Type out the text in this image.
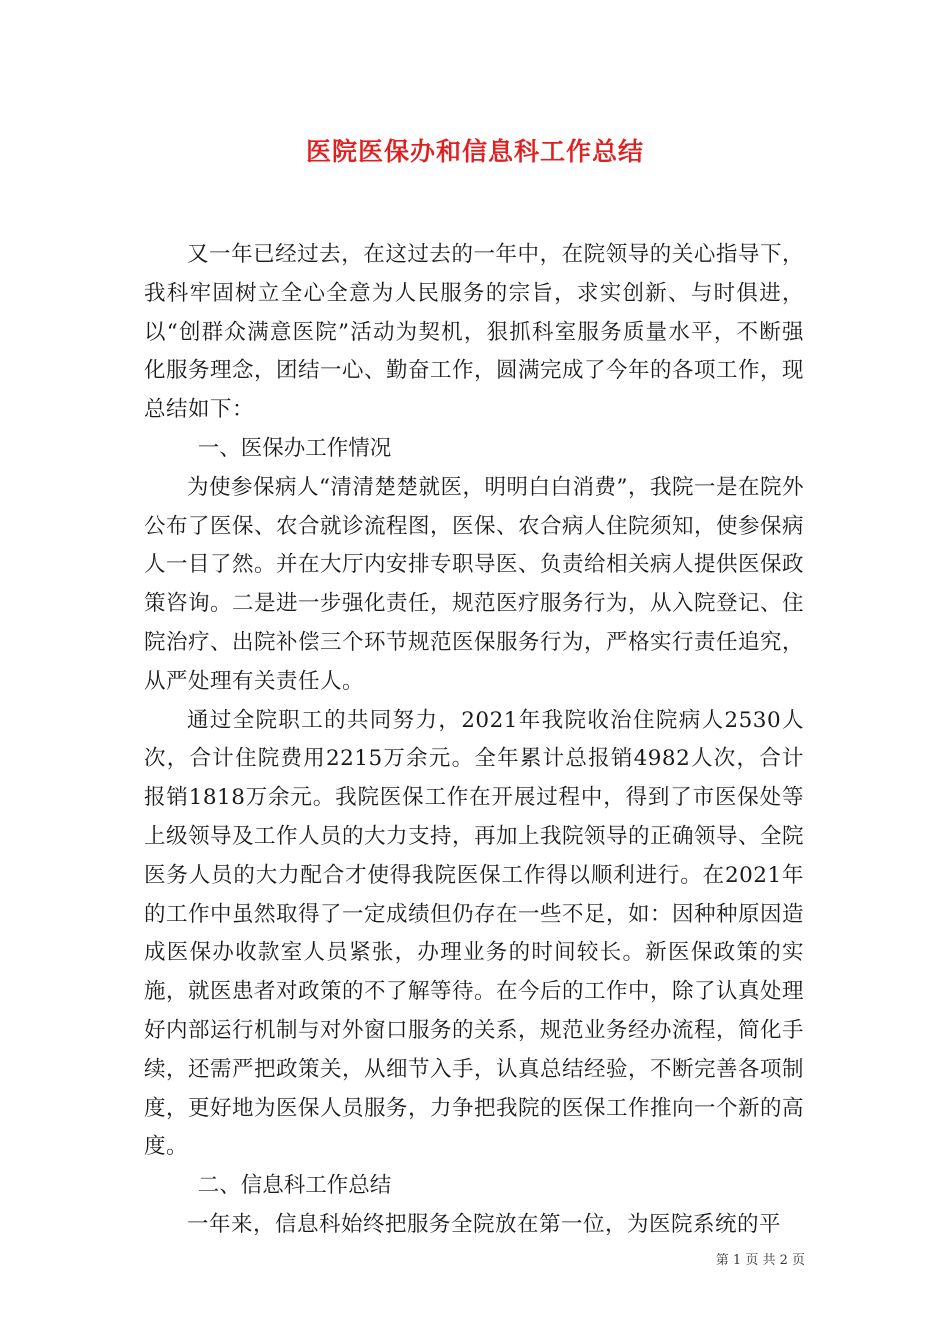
医院医保办和信息科工作总结

又一年已经过去，在这过去的一年中，在院领导的关心指导下，我科牢固树立全心全意为人民服务的宗旨，求实创新、与时俱进，以“创群众满意医院”活动为契机，狠抓科室服务质量水平，不断强化服务理念，团结一心、勤奋工作，圆满完成了今年的各项工作，现总结如下：

一、医保办工作情况

为使参保病人“清清楚楚就医，明明白白消费”，我院一是在院外公布了医保、农合就诊流程图，医保、农合病人住院须知，使参保病人一目了然。并在大厅内安排专职导医、负责给相关病人提供医保政策咨询。二是进一步强化责任，规范医疗服务行为，从入院登记、住院治疗、出院补偿三个环节规范医保服务行为，严格实行责任追究，从严处理有关责任人。

通过全院职工的共同努力，2021年我院收治住院病人2530人次，合计住院费用2215万余元。全年累计总报销4982人次，合计报销1818万余元。我院医保工作在开展过程中，得到了市医保处等上级领导及工作人员的大力支持，再加上我院领导的正确领导、全院医务人员的大力配合才使得我院医保工作得以顺利进行。在2021年的工作中虽然取得了一定成绩但仍存在一些不足，如：因种种原因造成医保办收款室人员紧张，办理业务的时间较长。新医保政策的实施，就医患者对政策的不了解等待。在今后的工作中，除了认真处理好内部运行机制与对外窗口服务的关系，规范业务经办流程，简化手续，还需严把政策关，从细节入手，认真总结经验，不断完善各项制度，更好地为医保人员服务，力争把我院的医保工作推向一个新的高度。

二、信息科工作总结

一年来，信息科始终把服务全院放在第一位，为医院系统的平

第 1 页 共 2 页
